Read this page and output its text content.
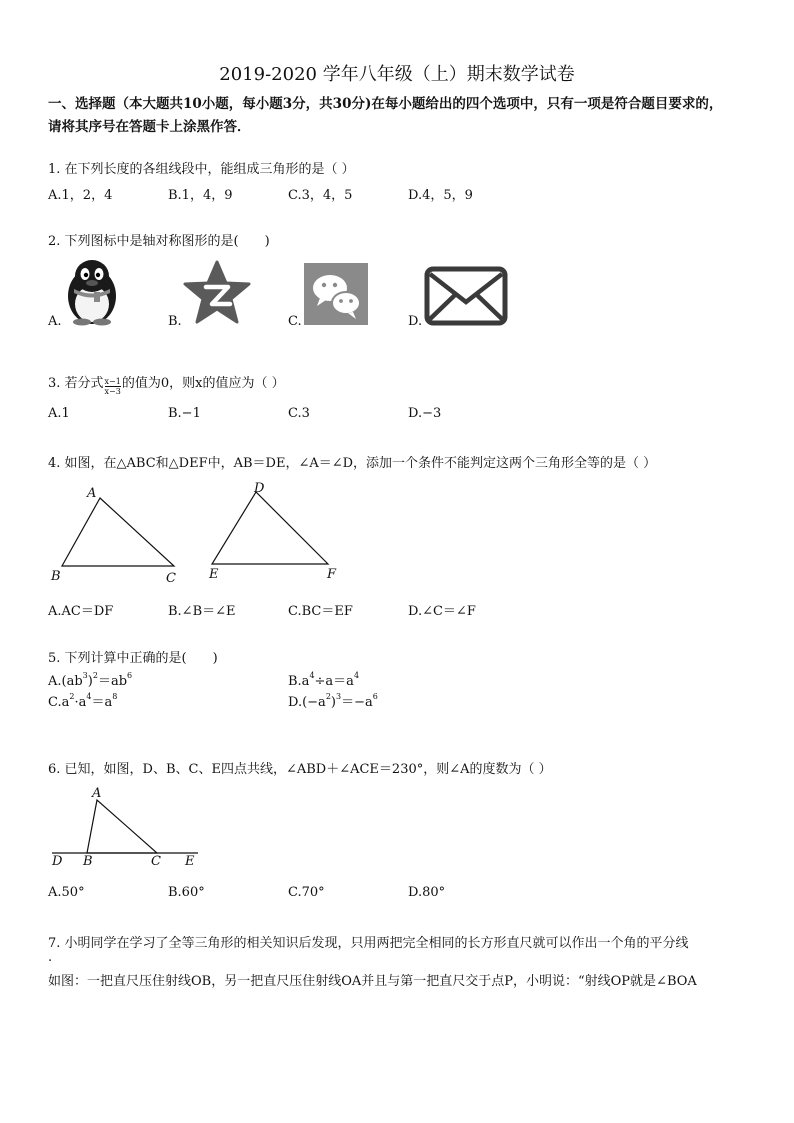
2019-2020 学年八年级（上）期末数学试卷
一、选择题（本大题共10小题，每小题3分，共30分)在每小题给出的四个选项中，只有一项是符合题目要求的，
请将其序号在答题卡上涂黑作答．
1. 在下列长度的各组线段中，能组成三角形的是（ ）
A.1，2，4	B.1，4，9	C.3，4，5	D.4，5，9
2. 下列图标中是轴对称图形的是(　　)
A.	B.	C.	D.
3. 若分式 $\frac{x-1}{x-3}$ 的值为0，则x的值应为（ ）
A.1	B.−1	C.3	D.−3
4. 如图，在△ABC和△DEF中，AB＝DE，∠A＝∠D，添加一个条件不能判定这两个三角形全等的是（ ）
A
B	C
D
E	F
A.AC＝DF	B.∠B＝∠E	C.BC＝EF	D.∠C＝∠F
5. 下列计算中正确的是(　　)
$A.(ab^3)^2=ab^6$	$B.a^4\div a=a^4$
$C.a^2\cdot a^4=a^8$	$D.(-a^2)^3=-a^6$
6. 已知，如图，D、B、C、E四点共线，∠ABD＋∠ACE＝230°，则∠A的度数为（ ）
A
D B	C E
A.50°	B.60°	C.70°	D.80°
7. 小明同学在学习了全等三角形的相关知识后发现，只用两把完全相同的长方形直尺就可以作出一个角的平分线
.
如图：一把直尺压住射线OB，另一把直尺压住射线OA并且与第一把直尺交于点P，小明说：“射线OP就是∠BOA
